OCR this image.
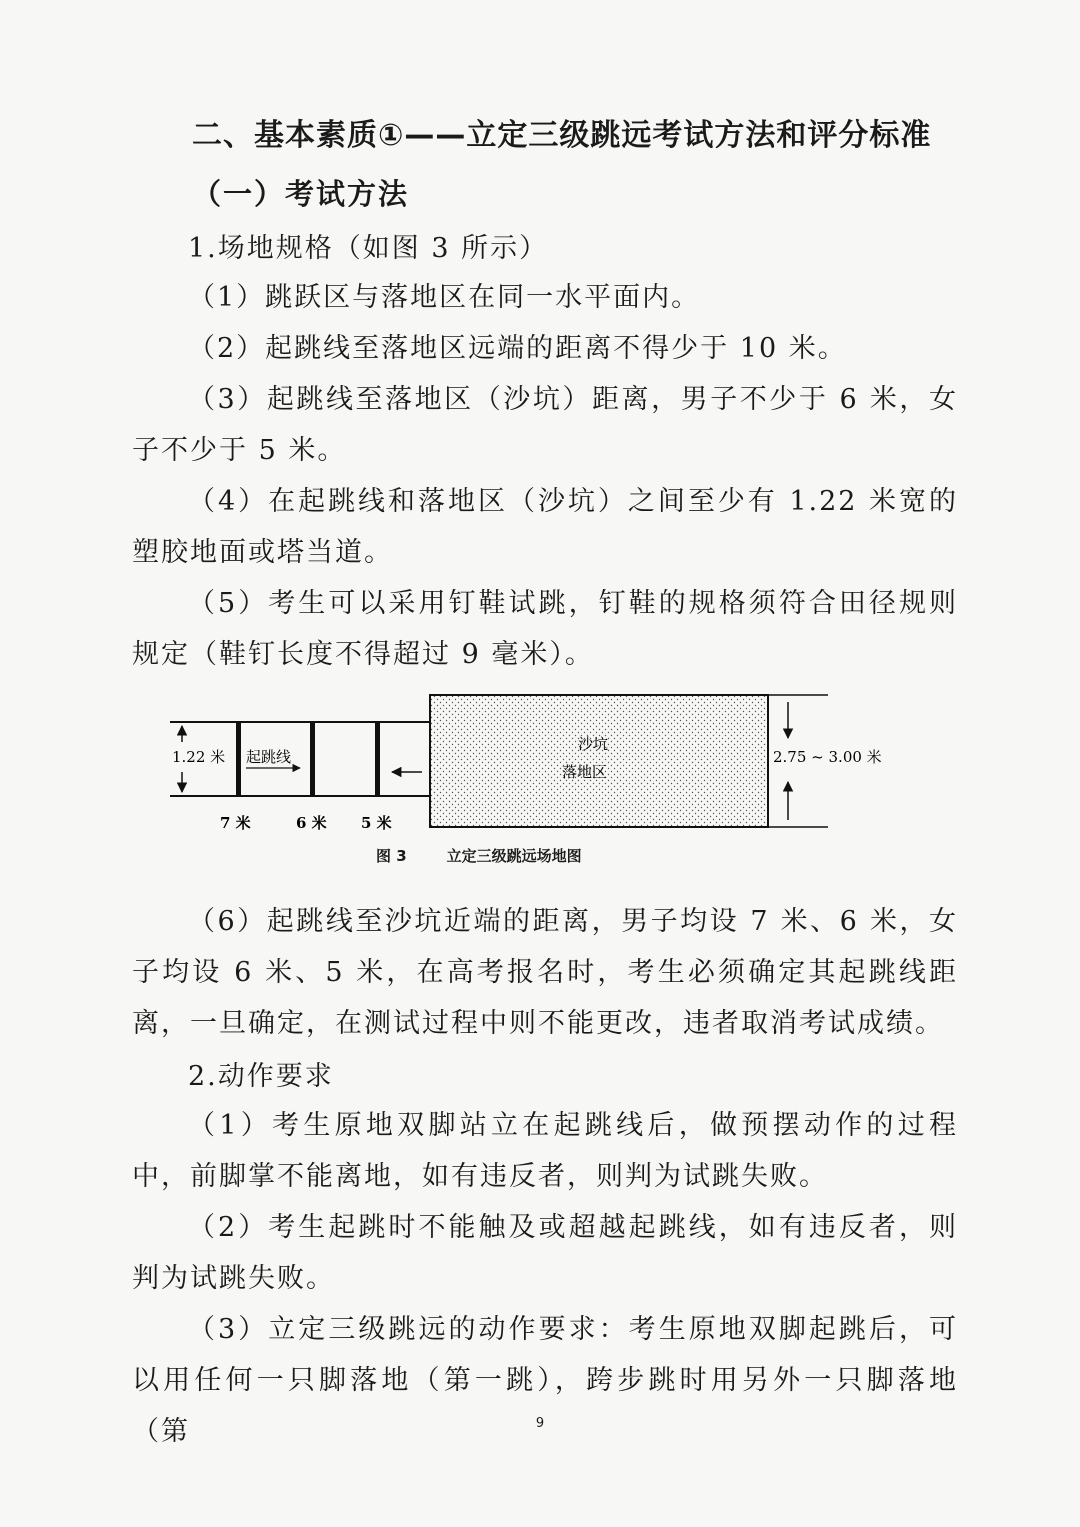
二、基本素质①——立定三级跳远考试方法和评分标准
（一）考试方法
1.场地规格（如图 3 所示）

（1）跳跃区与落地区在同一水平面内。

（2）起跳线至落地区远端的距离不得少于 10 米。

（3）起跳线至落地区（沙坑）距离，男子不少于 6 米，女子不少于 5 米。

（4）在起跳线和落地区（沙坑）之间至少有 1.22 米宽的塑胶地面或塔当道。

（5）考生可以采用钉鞋试跳，钉鞋的规格须符合田径规则规定（鞋钉长度不得超过 9 毫米）。

1.22 米 起跳线
沙坑
落地区
2.75 ~ 3.00 米
7 米	6 米 5 米
图 3	立定三级跳远场地图

（6）起跳线至沙坑近端的距离，男子均设 7 米、6 米，女子均设 6 米、5 米，在高考报名时，考生必须确定其起跳线距离，一旦确定，在测试过程中则不能更改，违者取消考试成绩。

2.动作要求

（1）考生原地双脚站立在起跳线后，做预摆动作的过程中，前脚掌不能离地，如有违反者，则判为试跳失败。

（2）考生起跳时不能触及或超越起跳线，如有违反者，则判为试跳失败。

（3）立定三级跳远的动作要求：考生原地双脚起跳后，可以用任何一只脚落地（第一跳），跨步跳时用另外一只脚落地（第	9
